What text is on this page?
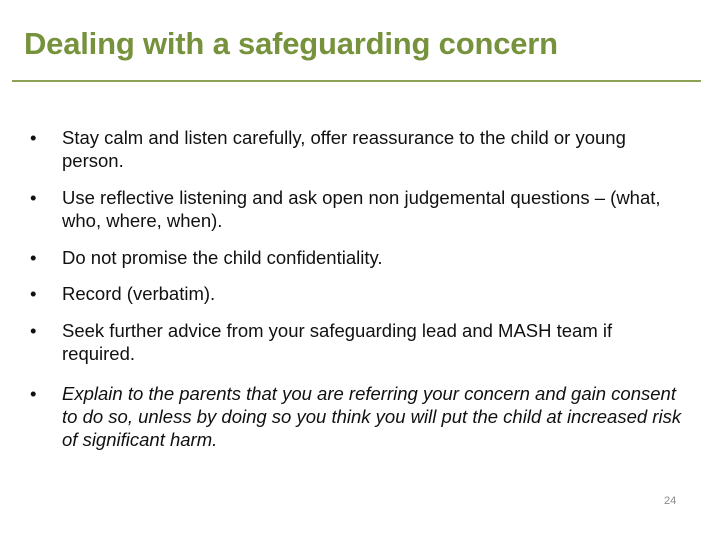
Dealing with a safeguarding concern
• Stay calm and listen carefully, offer reassurance to the child or young person.
• Use reflective listening and ask open non judgemental questions – (what, who, where, when).
• Do not promise the child confidentiality.
• Record (verbatim).
• Seek further advice from your safeguarding lead and MASH team if required.
• Explain to the parents that you are referring your concern and gain consent to do so, unless by doing so you think you will put the child at increased risk of significant harm.
24
